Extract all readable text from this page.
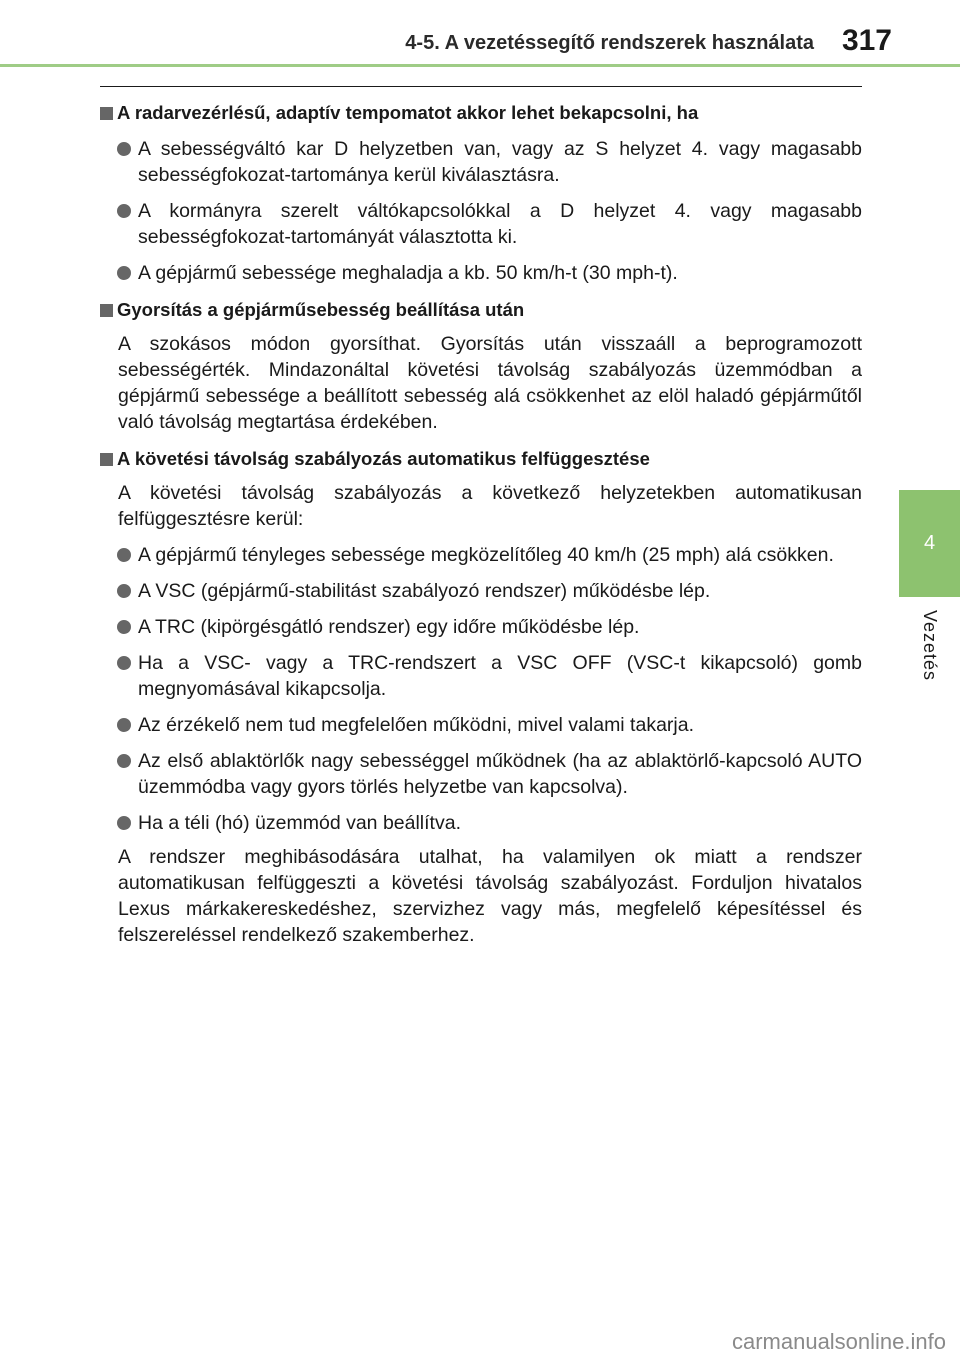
4-5. A vezetéssegítő rendszerek használata 317
4
Vezetés
A radarvezérlésű, adaptív tempomatot akkor lehet bekapcsolni, ha
A sebességváltó kar D helyzetben van, vagy az S helyzet 4. vagy magasabb sebességfokozat-tartománya kerül kiválasztásra.
A kormányra szerelt váltókapcsolókkal a D helyzet 4. vagy magasabb sebességfokozat-tartományát választotta ki.
A gépjármű sebessége meghaladja a kb. 50 km/h-t (30 mph-t).
Gyorsítás a gépjárműsebesség beállítása után
A szokásos módon gyorsíthat. Gyorsítás után visszaáll a beprogramozott sebességérték. Mindazonáltal követési távolság szabályozás üzemmódban a gépjármű sebessége a beállított sebesség alá csökkenhet az elöl haladó gépjárműtől való távolság megtartása érdekében.
A követési távolság szabályozás automatikus felfüggesztése
A követési távolság szabályozás a következő helyzetekben automatikusan felfüggesztésre kerül:
A gépjármű tényleges sebessége megközelítőleg 40 km/h (25 mph) alá csökken.
A VSC (gépjármű-stabilitást szabályozó rendszer) működésbe lép.
A TRC (kipörgésgátló rendszer) egy időre működésbe lép.
Ha a VSC- vagy a TRC-rendszert a VSC OFF (VSC-t kikapcsoló) gomb megnyomásával kikapcsolja.
Az érzékelő nem tud megfelelően működni, mivel valami takarja.
Az első ablaktörlők nagy sebességgel működnek (ha az ablaktörlő-kapcsoló AUTO üzemmódba vagy gyors törlés helyzetbe van kapcsolva).
Ha a téli (hó) üzemmód van beállítva.
A rendszer meghibásodására utalhat, ha valamilyen ok miatt a rendszer automatikusan felfüggeszti a követési távolság szabályozást. Forduljon hivatalos Lexus márkakereskedéshez, szervizhez vagy más, megfelelő képesítéssel és felszereléssel rendelkező szakemberhez.
carmanualsonline.info
